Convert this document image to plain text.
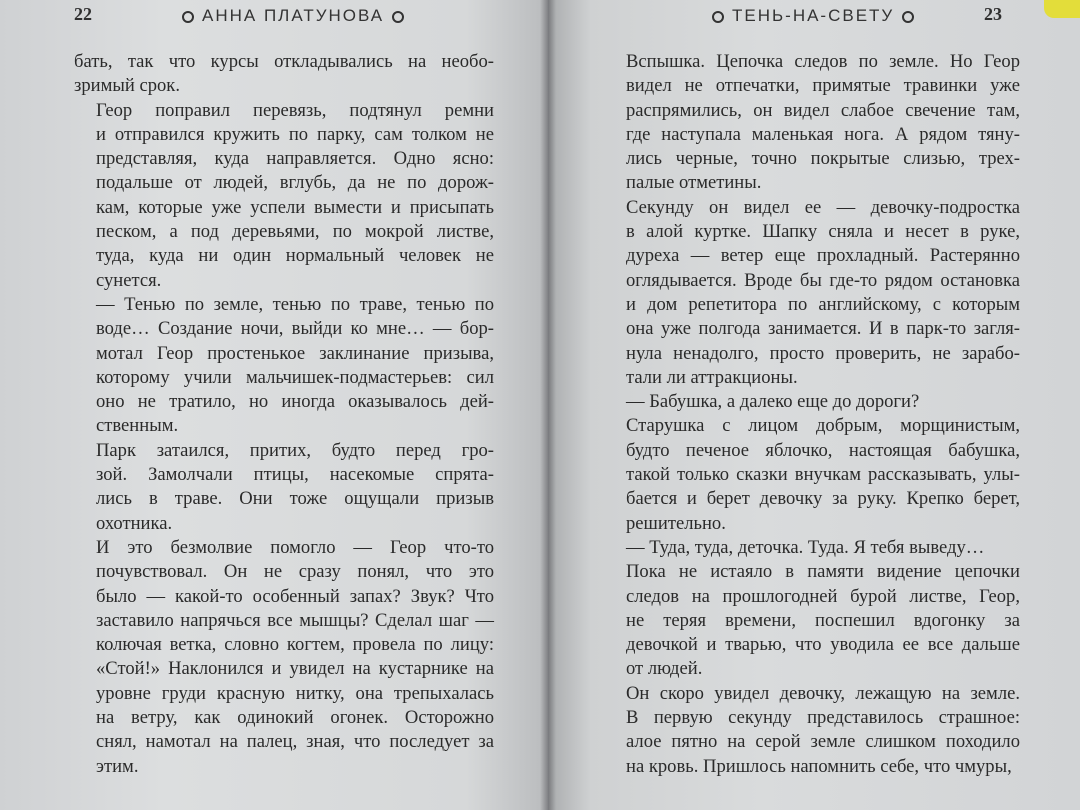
22	АННА ПЛАТУНОВА

бать, так что курсы откладывались на необо-
зримый срок.

Геор поправил перевязь, подтянул ремни
и отправился кружить по парку, сам толком не
представляя, куда направляется. Одно ясно:
подальше от людей, вглубь, да не по дорож-
кам, которые уже успели вымести и присыпать
песком, а под деревьями, по мокрой листве,
туда, куда ни один нормальный человек не
сунется.

— Тенью по земле, тенью по траве, тенью по
воде… Создание ночи, выйди ко мне… — бор-
мотал Геор простенькое заклинание призыва,
которому учили мальчишек-подмастерьев: сил
оно не тратило, но иногда оказывалось дей-
ственным.

Парк затаился, притих, будто перед гро-
зой. Замолчали птицы, насекомые спрята-
лись в траве. Они тоже ощущали призыв
охотника.

И это безмолвие помогло — Геор что-то
почувствовал. Он не сразу понял, что это
было — какой-то особенный запах? Звук? Что
заставило напрячься все мышцы? Сделал шаг —
колючая ветка, словно когтем, провела по лицу:
«Стой!» Наклонился и увидел на кустарнике на
уровне груди красную нитку, она трепыхалась
на ветру, как одинокий огонек. Осторожно
снял, намотал на палец, зная, что последует за
этим.

ТЕНЬ-НА-СВЕТУ	23

Вспышка. Цепочка следов по земле. Но Геор
видел не отпечатки, примятые травинки уже
распрямились, он видел слабое свечение там,
где наступала маленькая нога. А рядом тяну-
лись черные, точно покрытые слизью, трех-
палые отметины.

Секунду он видел ее — девочку-подростка
в алой куртке. Шапку сняла и несет в руке,
дуреха — ветер еще прохладный. Растерянно
оглядывается. Вроде бы где-то рядом остановка
и дом репетитора по английскому, с которым
она уже полгода занимается. И в парк-то загля-
нула ненадолго, просто проверить, не зарабо-
тали ли аттракционы.

— Бабушка, а далеко еще до дороги?

Старушка с лицом добрым, морщинистым,
будто печеное яблочко, настоящая бабушка,
такой только сказки внучкам рассказывать, улы-
бается и берет девочку за руку. Крепко берет,
решительно.

— Туда, туда, деточка. Туда. Я тебя выведу…

Пока не истаяло в памяти видение цепочки
следов на прошлогодней бурой листве, Геор,
не теряя времени, поспешил вдогонку за
девочкой и тварью, что уводила ее все дальше
от людей.

Он скоро увидел девочку, лежащую на земле.
В первую секунду представилось страшное:
алое пятно на серой земле слишком походило
на кровь. Пришлось напомнить себе, что чмуры,
